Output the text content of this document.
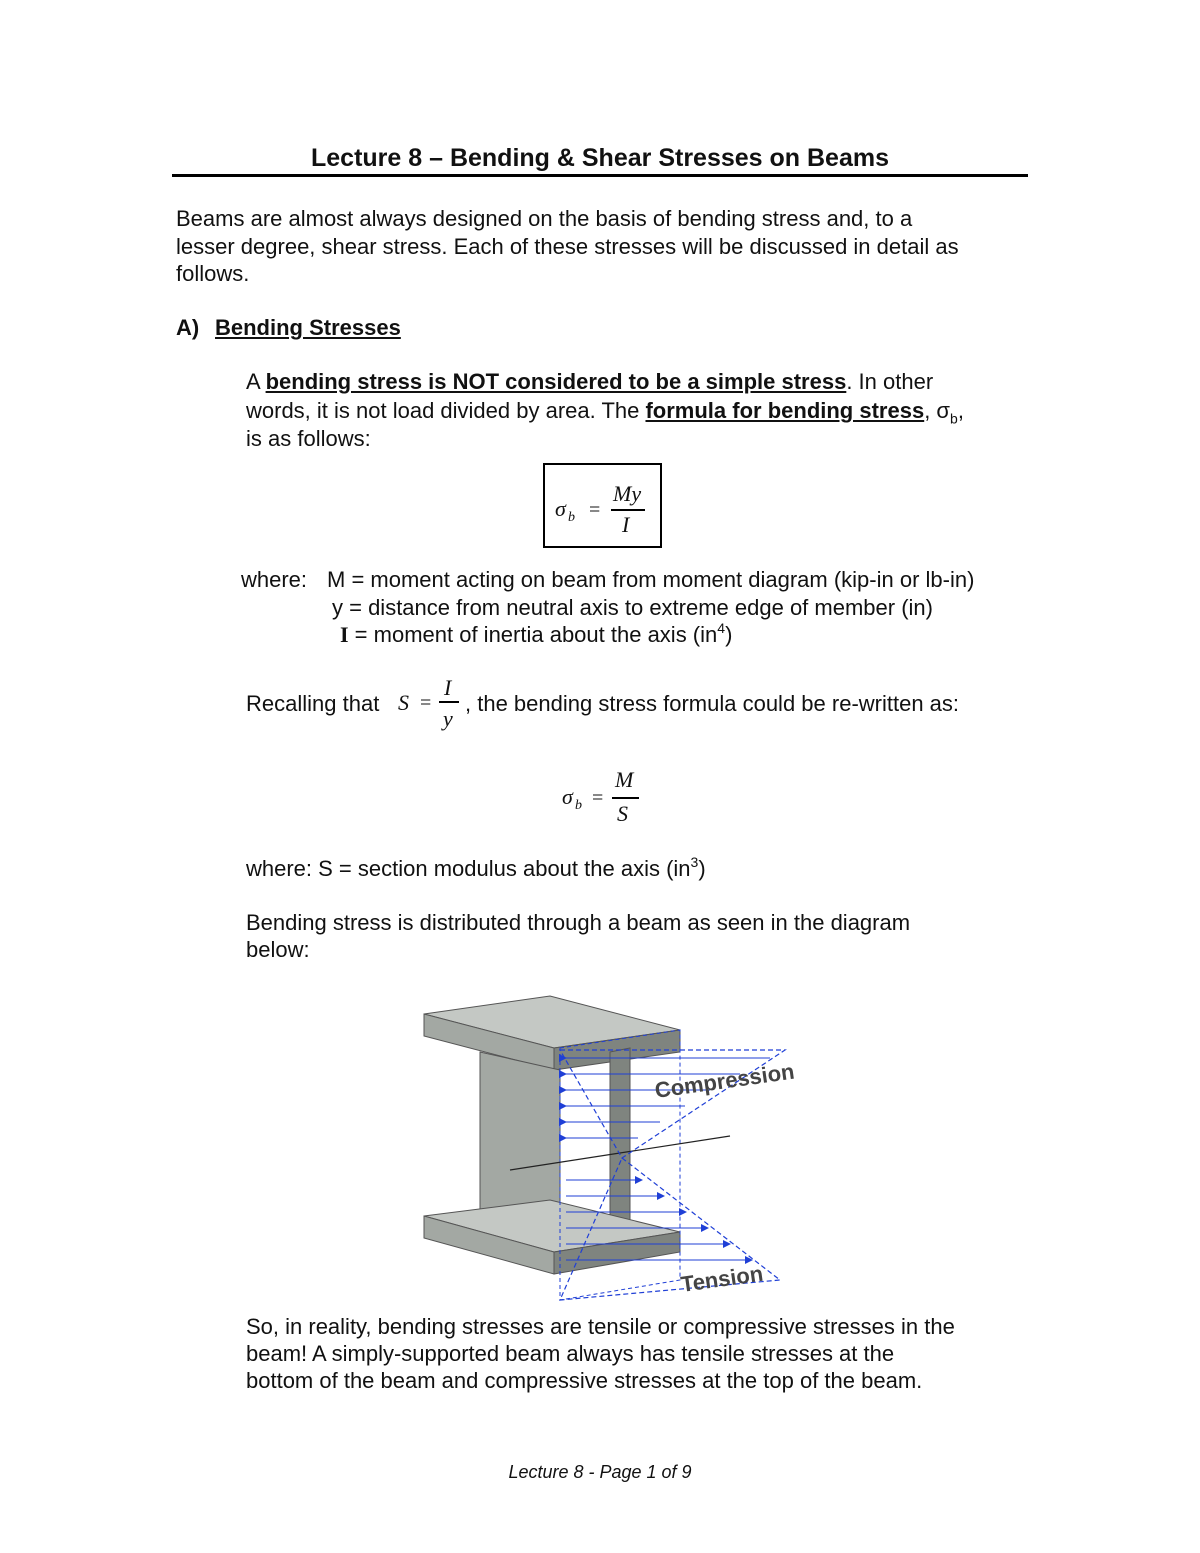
Lecture 8 – Bending & Shear Stresses on Beams
Beams are almost always designed on the basis of bending stress and, to a
lesser degree, shear stress. Each of these stresses will be discussed in detail as
follows.
A) Bending Stresses
A bending stress is NOT considered to be a simple stress. In other
words, it is not load divided by area. The formula for bending stress, $\sigma_b$,
is as follows:
σ b =
My
I
where: M = moment acting on beam from moment diagram (kip-in or lb-in)
y = distance from neutral axis to extreme edge of member (in)
I = moment of inertia about the axis $(in^4)$
Recalling that S =
I
y
, the bending stress formula could be re-written as:
σ b =
M
S
where: S = section modulus about the axis $(in^3)$
Bending stress is distributed through a beam as seen in the diagram
below:
Compression
Tension
So, in reality, bending stresses are tensile or compressive stresses in the
beam! A simply-supported beam always has tensile stresses at the
bottom of the beam and compressive stresses at the top of the beam.
Lecture 8 - Page 1 of 9
